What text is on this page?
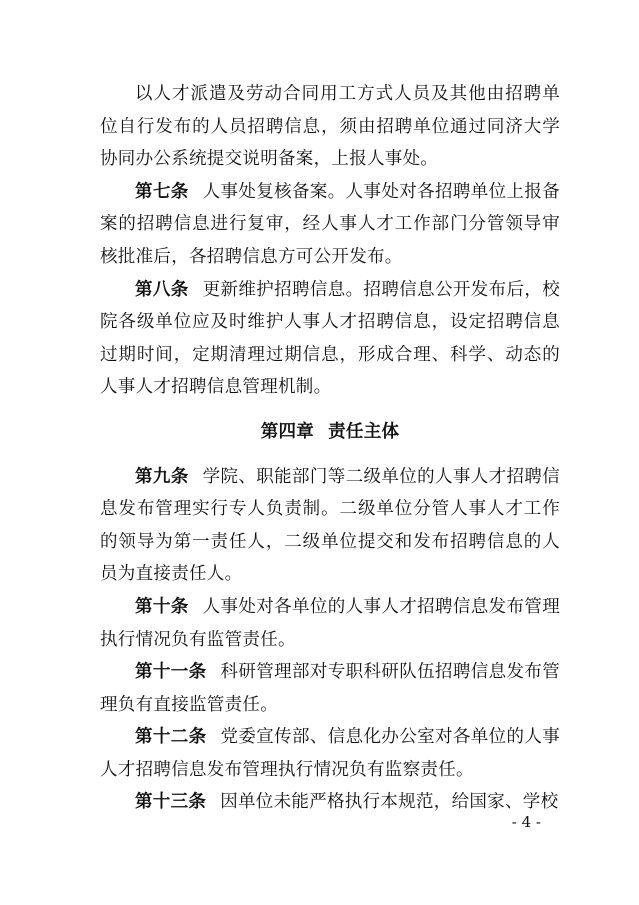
以人才派遣及劳动合同用工方式人员及其他由招聘单位自行发布的人员招聘信息，须由招聘单位通过同济大学协同办公系统提交说明备案，上报人事处。

第七条 人事处复核备案。人事处对各招聘单位上报备案的招聘信息进行复审，经人事人才工作部门分管领导审核批准后，各招聘信息方可公开发布。

第八条 更新维护招聘信息。招聘信息公开发布后，校院各级单位应及时维护人事人才招聘信息，设定招聘信息过期时间，定期清理过期信息，形成合理、科学、动态的人事人才招聘信息管理机制。

第四章 责任主体

第九条 学院、职能部门等二级单位的人事人才招聘信息发布管理实行专人负责制。二级单位分管人事人才工作的领导为第一责任人，二级单位提交和发布招聘信息的人员为直接责任人。

第十条 人事处对各单位的人事人才招聘信息发布管理执行情况负有监管责任。

第十一条 科研管理部对专职科研队伍招聘信息发布管理负有直接监管责任。

第十二条 党委宣传部、信息化办公室对各单位的人事人才招聘信息发布管理执行情况负有监察责任。

第十三条 因单位未能严格执行本规范，给国家、学校

- 4 -
